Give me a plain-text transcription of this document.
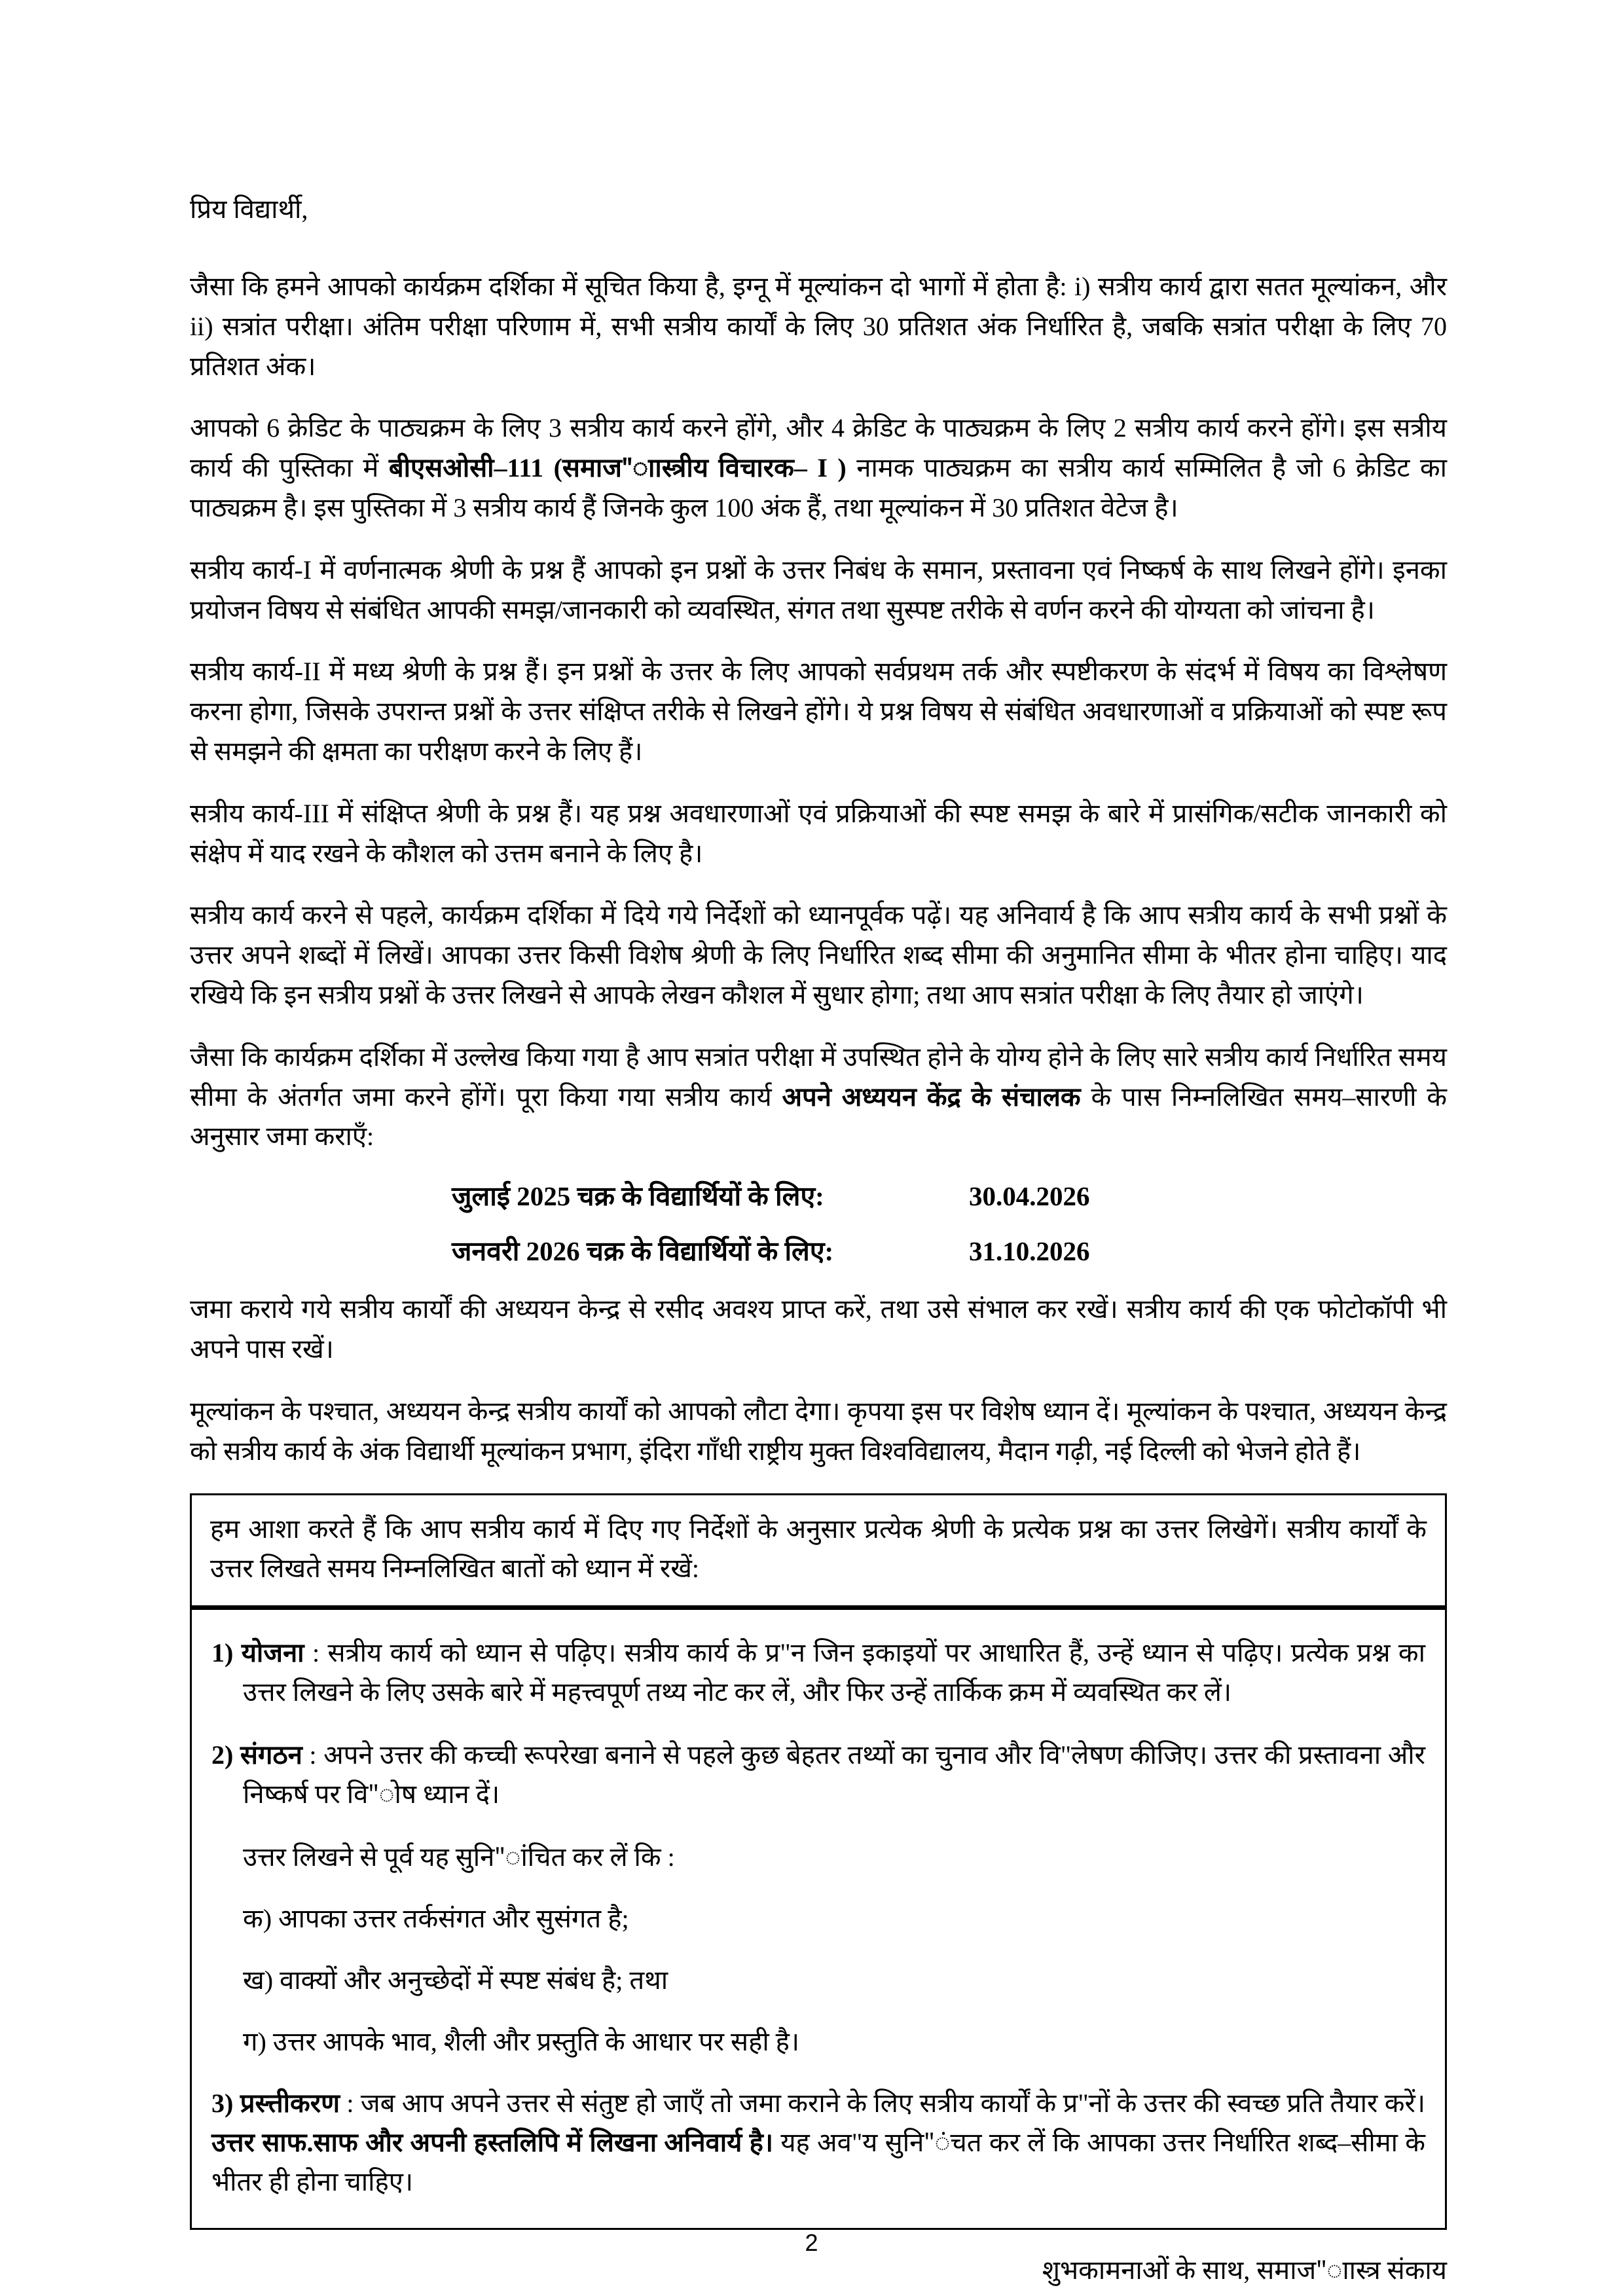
प्रिय विद्यार्थी,

जैसा कि हमने आपको कार्यक्रम दर्शिका में सूचित किया है, इग्नू में मूल्यांकन दो भागों में होता है: i) सत्रीय कार्य द्वारा सतत मूल्यांकन, और ii) सत्रांत परीक्षा। अंतिम परीक्षा परिणाम में, सभी सत्रीय कार्यों के लिए 30 प्रतिशत अंक निर्धारित है, जबकि सत्रांत परीक्षा के लिए 70 प्रतिशत अंक।

आपको 6 क्रेडिट के पाठ्यक्रम के लिए 3 सत्रीय कार्य करने होंगे, और 4 क्रेडिट के पाठ्यक्रम के लिए 2 सत्रीय कार्य करने होंगे। इस सत्रीय कार्य की पुस्तिका में बीएसओसी–111 (समाज"ाास्त्रीय विचारक– I ) नामक पाठ्यक्रम का सत्रीय कार्य सम्मिलित है जो 6 क्रेडिट का पाठ्यक्रम है। इस पुस्तिका में 3 सत्रीय कार्य हैं जिनके कुल 100 अंक हैं, तथा मूल्यांकन में 30 प्रतिशत वेटेज है।

सत्रीय कार्य-I में वर्णनात्मक श्रेणी के प्रश्न हैं आपको इन प्रश्नों के उत्तर निबंध के समान, प्रस्तावना एवं निष्कर्ष के साथ लिखने होंगे। इनका प्रयोजन विषय से संबंधित आपकी समझ/जानकारी को व्यवस्थित, संगत तथा सुस्पष्ट तरीके से वर्णन करने की योग्यता को जांचना है।

सत्रीय कार्य-II में मध्य श्रेणी के प्रश्न हैं। इन प्रश्नों के उत्तर के लिए आपको सर्वप्रथम तर्क और स्पष्टीकरण के संदर्भ में विषय का विश्लेषण करना होगा, जिसके उपरान्त प्रश्नों के उत्तर संक्षिप्त तरीके से लिखने होंगे। ये प्रश्न विषय से संबंधित अवधारणाओं व प्रक्रियाओं को स्पष्ट रूप से समझने की क्षमता का परीक्षण करने के लिए हैं।

सत्रीय कार्य-III में संक्षिप्त श्रेणी के प्रश्न हैं। यह प्रश्न अवधारणाओं एवं प्रक्रियाओं की स्पष्ट समझ के बारे में प्रासंगिक/सटीक जानकारी को संक्षेप में याद रखने के कौशल को उत्तम बनाने के लिए है।

सत्रीय कार्य करने से पहले, कार्यक्रम दर्शिका में दिये गये निर्देशों को ध्यानपूर्वक पढ़ें। यह अनिवार्य है कि आप सत्रीय कार्य के सभी प्रश्नों के उत्तर अपने शब्दों में लिखें। आपका उत्तर किसी विशेष श्रेणी के लिए निर्धारित शब्द सीमा की अनुमानित सीमा के भीतर होना चाहिए। याद रखिये कि इन सत्रीय प्रश्नों के उत्तर लिखने से आपके लेखन कौशल में सुधार होगा; तथा आप सत्रांत परीक्षा के लिए तैयार हो जाएंगे।

जैसा कि कार्यक्रम दर्शिका में उल्लेख किया गया है आप सत्रांत परीक्षा में उपस्थित होने के योग्य होने के लिए सारे सत्रीय कार्य निर्धारित समय सीमा के अंतर्गत जमा करने होंगें। पूरा किया गया सत्रीय कार्य अपने अध्ययन केंद्र के संचालक के पास निम्नलिखित समय–सारणी के अनुसार जमा कराएँ:

जुलाई 2025 चक्र के विद्यार्थियों के लिए:	30.04.2026
जनवरी 2026 चक्र के विद्यार्थियों के लिए:	31.10.2026

जमा कराये गये सत्रीय कार्याें की अध्ययन केन्द्र से रसीद अवश्य प्राप्त करें, तथा उसे संभाल कर रखें। सत्रीय कार्य की एक फोटोकॉपी भी अपने पास रखें।

मूल्यांकन के पश्चात, अध्ययन केन्द्र सत्रीय कार्याें को आपको लौटा देगा। कृपया इस पर विशेष ध्यान दें। मूल्यांकन के पश्चात, अध्ययन केन्द्र को सत्रीय कार्य के अंक विद्यार्थी मूल्यांकन प्रभाग, इंदिरा गाँधी राष्ट्रीय मुक्त विश्वविद्यालय, मैदान गढ़ी, नई दिल्ली को भेजने होते हैं।

हम आशा करते हैं कि आप सत्रीय कार्य में दिए गए निर्देशों के अनुसार प्रत्येक श्रेणी के प्रत्येक प्रश्न का उत्तर लिखेगें। सत्रीय कार्यों के उत्तर लिखते समय निम्नलिखित बातों को ध्यान में रखें:

1) योजना : सत्रीय कार्य को ध्यान से पढ़िए। सत्रीय कार्य के प्र"न जिन इकाइयों पर आधारित हैं, उन्हें ध्यान से पढ़िए। प्रत्येक प्रश्न का उत्तर लिखने के लिए उसके बारे में महत्त्वपूर्ण तथ्य नोट कर लें, और फिर उन्हें तार्किक क्रम में व्यवस्थित कर लें।

2) संगठन : अपने उत्तर की कच्ची रूपरेखा बनाने से पहले कुछ बेहतर तथ्यों का चुनाव और वि"लेषण कीजिए। उत्तर की प्रस्तावना और निष्कर्ष पर वि"ोष ध्यान दें।

उत्तर लिखने से पूर्व यह सुनि"ांचित कर लें कि :

क) आपका उत्तर तर्कसंगत और सुसंगत है;

ख) वाक्यों और अनुच्छेदों में स्पष्ट संबंध है; तथा

ग) उत्तर आपके भाव, शैली और प्रस्तुति के आधार पर सही है।

3) प्रस्त्तीकरण : जब आप अपने उत्तर से संतुष्ट हो जाएँ तो जमा कराने के लिए सत्रीय कार्यों के प्र"नों के उत्तर की स्वच्छ प्रति तैयार करें। उत्तर साफ.साफ और अपनी हस्तलिपि में लिखना अनिवार्य है। यह अव"य सुनि"ंचत कर लें कि आपका उत्तर निर्धारित शब्द–सीमा के भीतर ही होना चाहिए।

शुभकामनाओं के साथ, समाज"ाास्त्र संकाय
2
